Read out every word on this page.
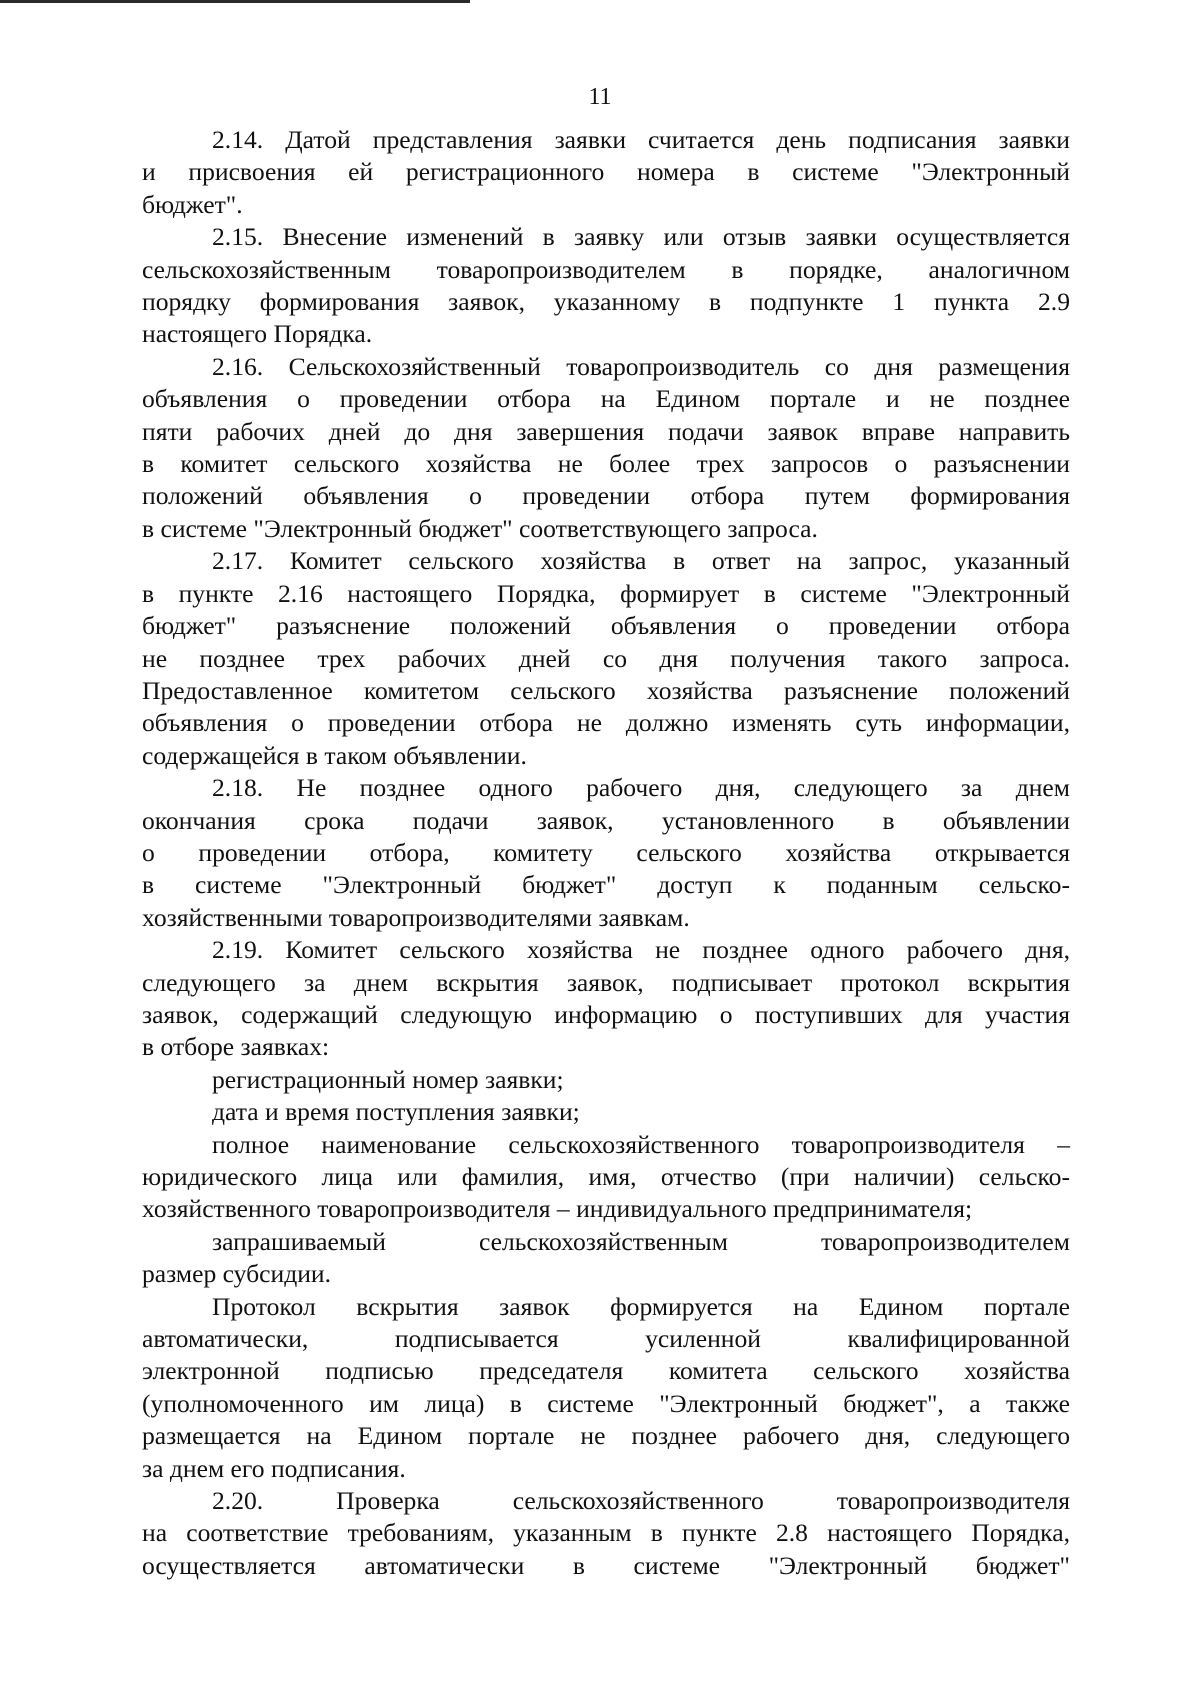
11

2.14. Датой представления заявки считается день подписания заявки
и присвоения ей регистрационного номера в системе "Электронный
бюджет".

2.15. Внесение изменений в заявку или отзыв заявки осуществляется
сельскохозяйственным товаропроизводителем в порядке, аналогичном
порядку формирования заявок, указанному в подпункте 1 пункта 2.9
настоящего Порядка.

2.16. Сельскохозяйственный товаропроизводитель со дня размещения
объявления о проведении отбора на Едином портале и не позднее
пяти рабочих дней до дня завершения подачи заявок вправе направить
в комитет сельского хозяйства не более трех запросов о разъяснении
положений объявления о проведении отбора путем формирования
в системе "Электронный бюджет" соответствующего запроса.

2.17. Комитет сельского хозяйства в ответ на запрос, указанный
в пункте 2.16 настоящего Порядка, формирует в системе "Электронный
бюджет" разъяснение положений объявления о проведении отбора
не позднее трех рабочих дней со дня получения такого запроса.
Предоставленное комитетом сельского хозяйства разъяснение положений
объявления о проведении отбора не должно изменять суть информации,
содержащейся в таком объявлении.

2.18. Не позднее одного рабочего дня, следующего за днем
окончания срока подачи заявок, установленного в объявлении
о проведении отбора, комитету сельского хозяйства открывается
в системе "Электронный бюджет" доступ к поданным сельско-
хозяйственными товаропроизводителями заявкам.

2.19. Комитет сельского хозяйства не позднее одного рабочего дня,
следующего за днем вскрытия заявок, подписывает протокол вскрытия
заявок, содержащий следующую информацию о поступивших для участия
в отборе заявках:

регистрационный номер заявки;

дата и время поступления заявки;

полное наименование сельскохозяйственного товаропроизводителя –
юридического лица или фамилия, имя, отчество (при наличии) сельско-
хозяйственного товаропроизводителя – индивидуального предпринимателя;

запрашиваемый сельскохозяйственным товаропроизводителем
размер субсидии.

Протокол вскрытия заявок формируется на Едином портале
автоматически, подписывается усиленной квалифицированной
электронной подписью председателя комитета сельского хозяйства
(уполномоченного им лица) в системе "Электронный бюджет", а также
размещается на Едином портале не позднее рабочего дня, следующего
за днем его подписания.

2.20. Проверка сельскохозяйственного товаропроизводителя
на соответствие требованиям, указанным в пункте 2.8 настоящего Порядка,
осуществляется автоматически в системе "Электронный бюджет"
